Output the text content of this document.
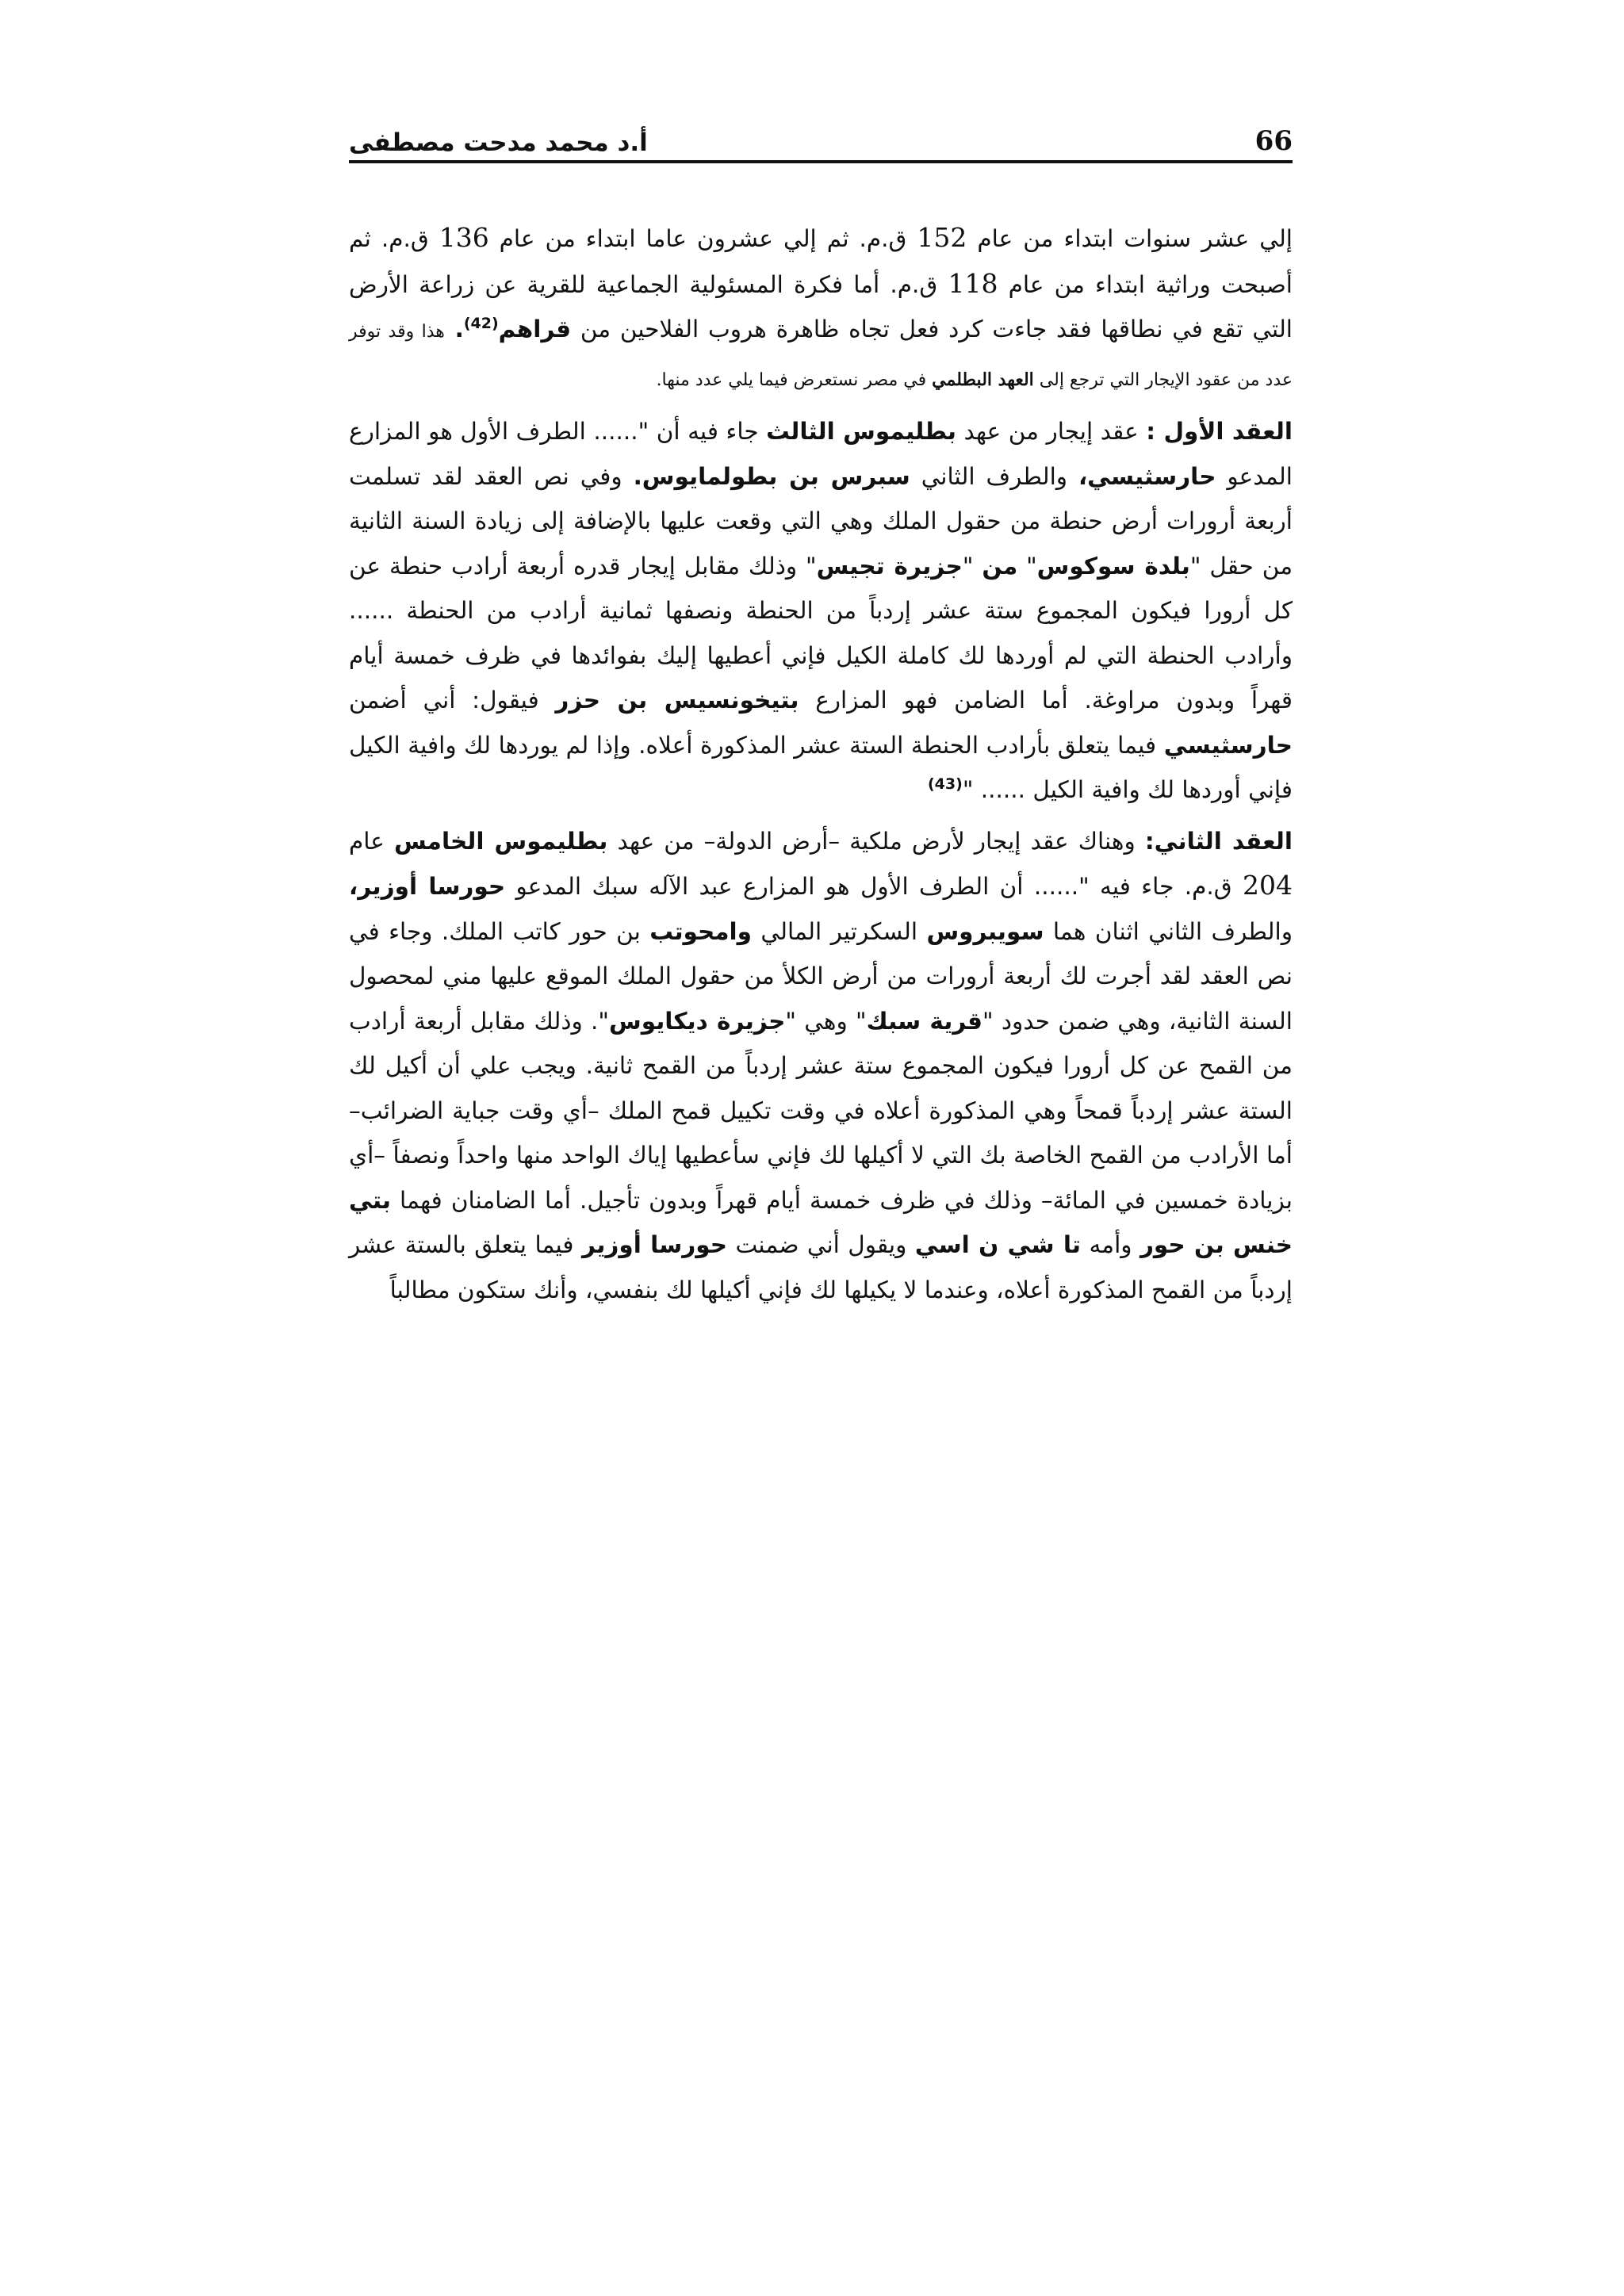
أ.د محمد مدحت مصطفى	66

إلي عشر سنوات ابتداء من عام 152 ق.م. ثم إلي عشرون عاما ابتداء من عام 136 ق.م. ثم أصبحت وراثية ابتداء من عام 118 ق.م. أما فكرة المسئولية الجماعية للقرية عن زراعة الأرض التي تقع في نطاقها فقد جاءت كرد فعل تجاه ظاهرة هروب الفلاحين من قراهم$^{(42)}$. هذا وقد توفر عدد من عقود الإيجار التي ترجع إلى العهد البطلمي في مصر نستعرض فيما يلي عدد منها.

العقد الأول : عقد إيجار من عهد بطليموس الثالث جاء فيه أن "...... الطرف الأول هو المزارع المدعو حارسثيسي، والطرف الثاني سبرس بن بطولمايوس. وفي نص العقد لقد تسلمت أربعة أرورات أرض حنطة من حقول الملك وهي التي وقعت عليها بالإضافة إلى زيادة السنة الثانية من حقل "بلدة سوكوس" من "جزيرة تجيس" وذلك مقابل إيجار قدره أربعة أرادب حنطة عن كل أرورا فيكون المجموع ستة عشر إردباً من الحنطة ونصفها ثمانية أرادب من الحنطة ...... وأرادب الحنطة التي لم أوردها لك كاملة الكيل فإني أعطيها إليك بفوائدها في ظرف خمسة أيام قهراً وبدون مراوغة. أما الضامن فهو المزارع بتيخونسيس بن حزر فيقول: أني أضمن حارسثيسي فيما يتعلق بأرادب الحنطة الستة عشر المذكورة أعلاه. وإذا لم يوردها لك وافية الكيل فإني أوردها لك وافية الكيل ...... "$^{(43)}$

العقد الثاني: وهناك عقد إيجار لأرض ملكية –أرض الدولة– من عهد بطليموس الخامس عام 204 ق.م. جاء فيه "...... أن الطرف الأول هو المزارع عبد الآله سبك المدعو حورسا أوزير، والطرف الثاني اثنان هما سويبروس السكرتير المالي وامحوتب بن حور كاتب الملك. وجاء في نص العقد لقد أجرت لك أربعة أرورات من أرض الكلأ من حقول الملك الموقع عليها مني لمحصول السنة الثانية، وهي ضمن حدود "قرية سبك" وهي "جزيرة ديكايوس". وذلك مقابل أربعة أرادب من القمح عن كل أرورا فيكون المجموع ستة عشر إردباً من القمح ثانية. ويجب علي أن أكيل لك الستة عشر إردباً قمحاً وهي المذكورة أعلاه في وقت تكييل قمح الملك –أي وقت جباية الضرائب– أما الأرادب من القمح الخاصة بك التي لا أكيلها لك فإني سأعطيها إياك الواحد منها واحداً ونصفاً –أي بزيادة خمسين في المائة– وذلك في ظرف خمسة أيام قهراً وبدون تأجيل. أما الضامنان فهما بتي خنس بن حور وأمه تا شي ن اسي ويقول أني ضمنت حورسا أوزير فيما يتعلق بالستة عشر إردباً من القمح المذكورة أعلاه، وعندما لا يكيلها لك فإني أكيلها لك بنفسي، وأنك ستكون مطالباً
